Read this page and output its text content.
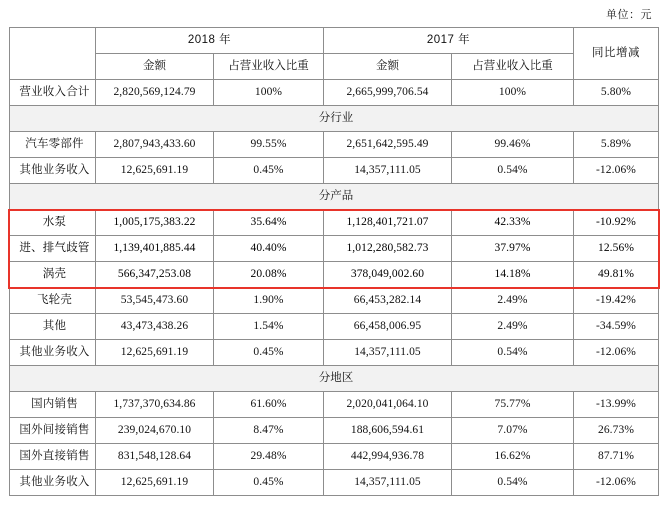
单位：元
	2018 年		2017 年		同比增减
	金额	占营业收入比重	金额	占营业收入比重	
营业收入合计	2,820,569,124.79	100%	2,665,999,706.54	100%	5.80%
分行业					
汽车零部件	2,807,943,433.60	99.55%	2,651,642,595.49	99.46%	5.89%
其他业务收入	12,625,691.19	0.45%	14,357,111.05	0.54%	-12.06%
分产品					
水泵	1,005,175,383.22	35.64%	1,128,401,721.07	42.33%	-10.92%
进、排气歧管	1,139,401,885.44	40.40%	1,012,280,582.73	37.97%	12.56%
涡壳	566,347,253.08	20.08%	378,049,002.60	14.18%	49.81%
飞轮壳	53,545,473.60	1.90%	66,453,282.14	2.49%	-19.42%
其他	43,473,438.26	1.54%	66,458,006.95	2.49%	-34.59%
其他业务收入	12,625,691.19	0.45%	14,357,111.05	0.54%	-12.06%
分地区					
国内销售	1,737,370,634.86	61.60%	2,020,041,064.10	75.77%	-13.99%
国外间接销售	239,024,670.10	8.47%	188,606,594.61	7.07%	26.73%
国外直接销售	831,548,128.64	29.48%	442,994,936.78	16.62%	87.71%
其他业务收入	12,625,691.19	0.45%	14,357,111.05	0.54%	-12.06%
